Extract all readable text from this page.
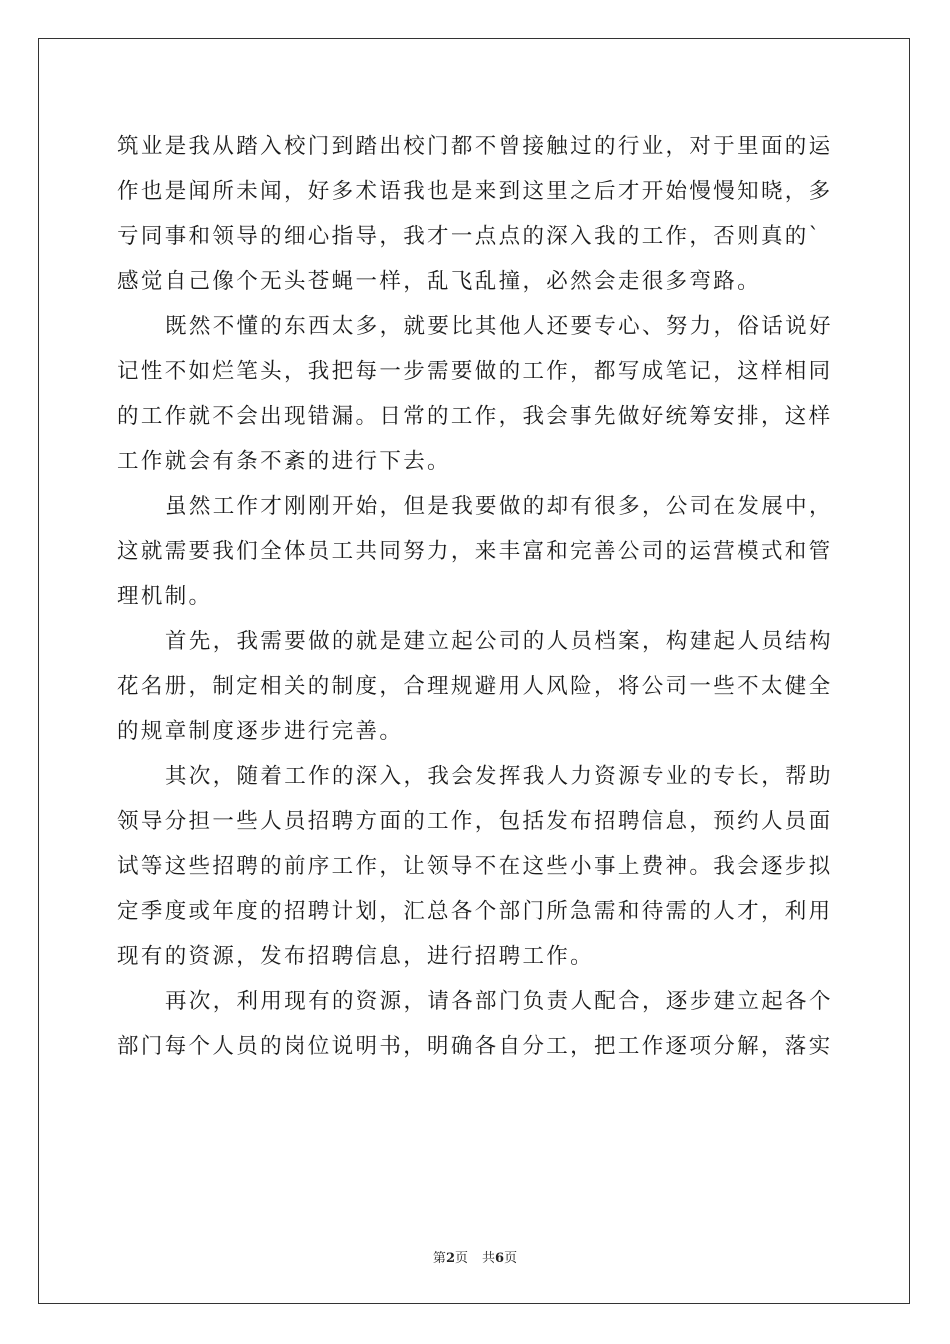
筑业是我从踏入校门到踏出校门都不曾接触过的行业，对于里面的运
作也是闻所未闻，好多术语我也是来到这里之后才开始慢慢知晓，多
亏同事和领导的细心指导，我才一点点的深入我的工作，否则真的`
感觉自己像个无头苍蝇一样，乱飞乱撞，必然会走很多弯路。
既然不懂的东西太多，就要比其他人还要专心、努力，俗话说好
记性不如烂笔头，我把每一步需要做的工作，都写成笔记，这样相同
的工作就不会出现错漏。日常的工作，我会事先做好统筹安排，这样
工作就会有条不紊的进行下去。
虽然工作才刚刚开始，但是我要做的却有很多，公司在发展中，
这就需要我们全体员工共同努力，来丰富和完善公司的运营模式和管
理机制。
首先，我需要做的就是建立起公司的人员档案，构建起人员结构
花名册，制定相关的制度，合理规避用人风险，将公司一些不太健全
的规章制度逐步进行完善。
其次，随着工作的深入，我会发挥我人力资源专业的专长，帮助
领导分担一些人员招聘方面的工作，包括发布招聘信息，预约人员面
试等这些招聘的前序工作，让领导不在这些小事上费神。我会逐步拟
定季度或年度的招聘计划，汇总各个部门所急需和待需的人才，利用
现有的资源，发布招聘信息，进行招聘工作。
再次，利用现有的资源，请各部门负责人配合，逐步建立起各个
部门每个人员的岗位说明书，明确各自分工，把工作逐项分解，落实
第2页 共6页
